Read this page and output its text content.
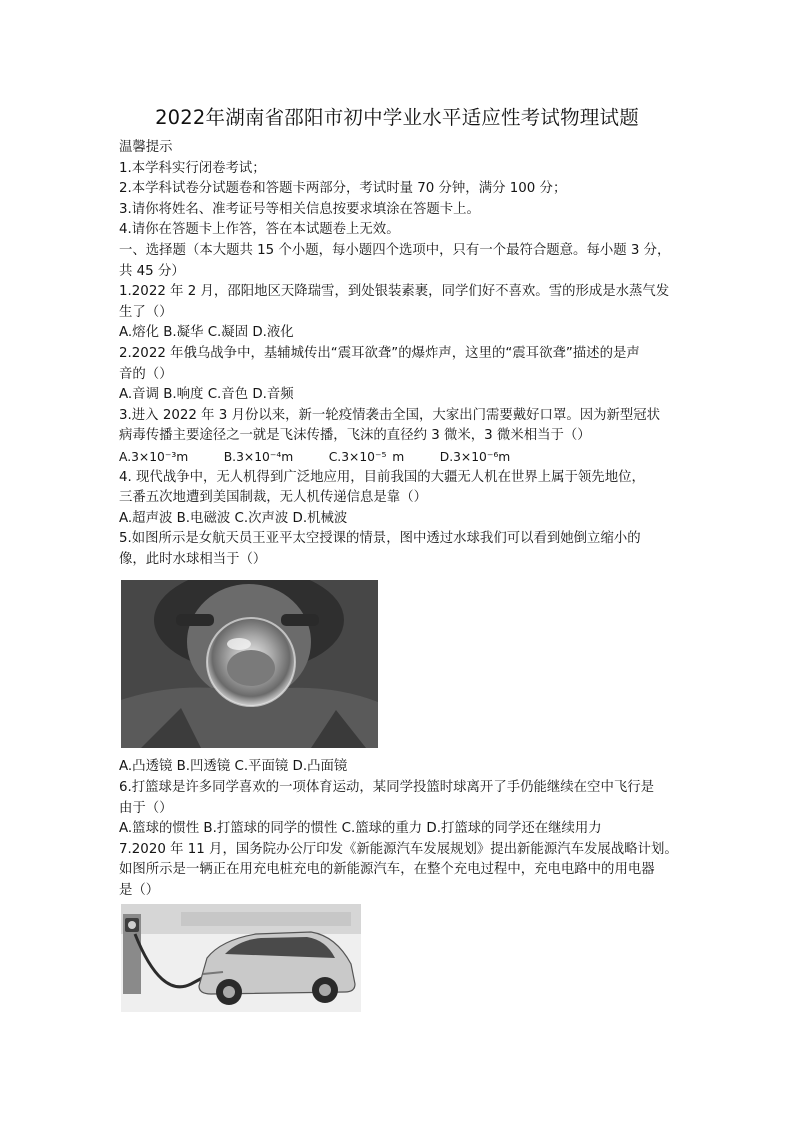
2022年湖南省邵阳市初中学业水平适应性考试物理试题
温馨提示
1.本学科实行闭卷考试；
2.本学科试卷分试题卷和答题卡两部分，考试时量 70 分钟，满分 100 分；
3.请你将姓名、准考证号等相关信息按要求填涂在答题卡上。
4.请你在答题卡上作答，答在本试题卷上无效。
一、选择题（本大题共 15 个小题，每小题四个选项中，只有一个最符合题意。每小题 3 分，
共 45 分）
1.2022 年 2 月，邵阳地区天降瑞雪，到处银装素裹，同学们好不喜欢。雪的形成是水蒸气发
生了（）
A.熔化 B.凝华 C.凝固 D.液化
2.2022 年俄乌战争中，基辅城传出“震耳欲聋”的爆炸声，这里的“震耳欲聋”描述的是声
音的（）
A.音调 B.响度 C.音色 D.音频
3.进入 2022 年 3 月份以来，新一轮疫情袭击全国，大家出门需要戴好口罩。因为新型冠状
病毒传播主要途径之一就是飞沫传播，飞沫的直径约 3 微米，3 微米相当于（）
A.3×10⁻³m      B.3×10⁻⁴m      C.3×10⁻⁵ m      D.3×10⁻⁶m
4. 现代战争中，无人机得到广泛地应用，目前我国的大疆无人机在世界上属于领先地位，
三番五次地遭到美国制裁，无人机传递信息是靠（）
A.超声波 B.电磁波 C.次声波 D.机械波
5.如图所示是女航天员王亚平太空授课的情景，图中透过水球我们可以看到她倒立缩小的
像，此时水球相当于（）
A.凸透镜 B.凹透镜 C.平面镜 D.凸面镜
6.打篮球是许多同学喜欢的一项体育运动，某同学投篮时球离开了手仍能继续在空中飞行是
由于（）
A.篮球的惯性 B.打篮球的同学的惯性 C.篮球的重力 D.打篮球的同学还在继续用力
7.2020 年 11 月，国务院办公厅印发《新能源汽车发展规划》提出新能源汽车发展战略计划。
如图所示是一辆正在用充电桩充电的新能源汽车，在整个充电过程中，充电电路中的用电器
是（）
